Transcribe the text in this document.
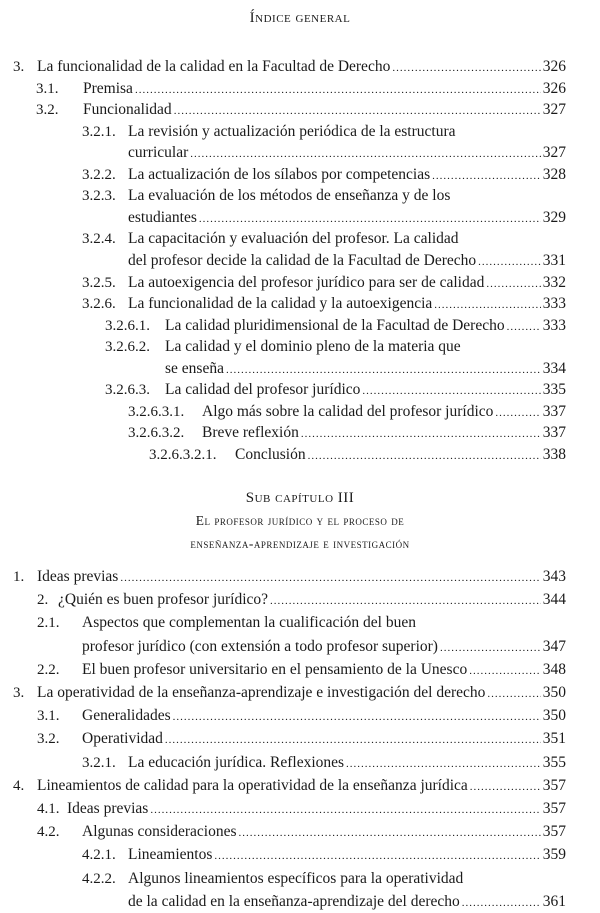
Índice general
3. La funcionalidad de la calidad en la Facultad de Derecho .....	326
3.1. Premisa .....	326
3.2. Funcionalidad .....	327
3.2.1. La revisión y actualización periódica de la estructura
curricular .....	327
3.2.2. La actualización de los sílabos por competencias .....	328
3.2.3. La evaluación de los métodos de enseñanza y de los
estudiantes .....	329
3.2.4. La capacitación y evaluación del profesor. La calidad
del profesor decide la calidad de la Facultad de Derecho .....	331
3.2.5. La autoexigencia del profesor jurídico para ser de calidad .....	332
3.2.6. La funcionalidad de la calidad y la autoexigencia .....	333
3.2.6.1. La calidad pluridimensional de la Facultad de Derecho ..... 333
3.2.6.2. La calidad y el dominio pleno de la materia que
se enseña .....	334
3.2.6.3. La calidad del profesor jurídico .....	335
3.2.6.3.1. Algo más sobre la calidad del profesor jurídico .....	337
3.2.6.3.2. Breve reflexión .....	337
3.2.6.3.2.1. Conclusión .....	338
Sub capítulo III
El profesor jurídico y el proceso de
enseñanza-aprendizaje e investigación
1. Ideas previas .....	343
2. ¿Quién es buen profesor jurídico? .....	344
2.1. Aspectos que complementan la cualificación del buen
profesor jurídico (con extensión a todo profesor superior) .....	347
2.2. El buen profesor universitario en el pensamiento de la Unesco .....	348
3. La operatividad de la enseñanza-aprendizaje e investigación del derecho .....	350
3.1. Generalidades .....	350
3.2. Operatividad .....	351
3.2.1. La educación jurídica. Reflexiones .....	355
4. Lineamientos de calidad para la operatividad de la enseñanza jurídica .....	357
4.1. Ideas previas .....	357
4.2. Algunas consideraciones .....	357
4.2.1. Lineamientos .....	359
4.2.2. Algunos lineamientos específicos para la operatividad
de la calidad en la enseñanza-aprendizaje del derecho .....	361
